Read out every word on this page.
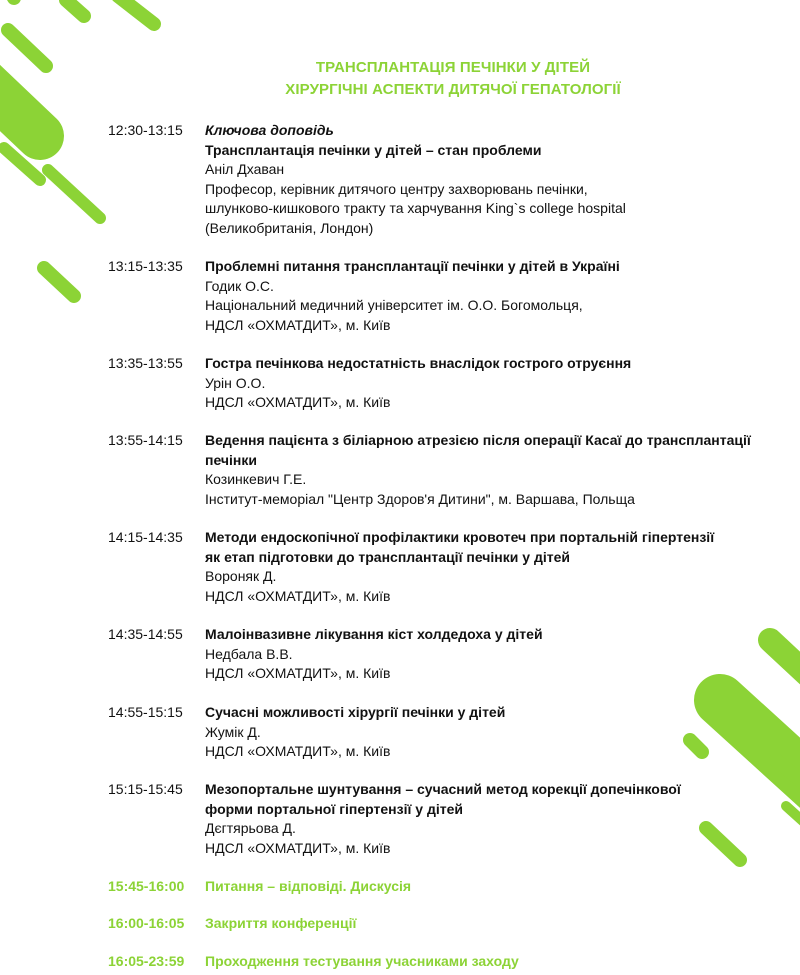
ТРАНСПЛАНТАЦІЯ ПЕЧІНКИ У ДІТЕЙ
ХІРУРГІЧНІ АСПЕКТИ ДИТЯЧОЇ ГЕПАТОЛОГІЇ
12:30-13:15	Ключова доповідь
Трансплантація печінки у дітей – стан проблеми
Аніл Дхаван
Професор, керівник дитячого центру захворювань печінки,
шлунково-кишкового тракту та харчування King`s college hospital
(Великобританія, Лондон)
13:15-13:35	Проблемні питання трансплантації печінки у дітей в Україні
Годик О.С.
Національний медичний університет ім. О.О. Богомольця,
НДСЛ «ОХМАТДИТ», м. Київ
13:35-13:55	Гостра печінкова недостатність внаслідок гострого отруєння
Урін О.О.
НДСЛ «ОХМАТДИТ», м. Київ
13:55-14:15	Ведення пацієнта з біліарною атрезією після операції Касаї до трансплантації
печінки
Козинкевич Г.Е.
Інститут-меморіал "Центр Здоров'я Дитини", м. Варшава, Польща
14:15-14:35	Методи ендоскопічної профілактики кровотеч при портальній гіпертензії
як етап підготовки до трансплантації печінки у дітей
Вороняк Д.
НДСЛ «ОХМАТДИТ», м. Київ
14:35-14:55	Малоінвазивне лікування кіст холдедоха у дітей
Недбала В.В.
НДСЛ «ОХМАТДИТ», м. Київ
14:55-15:15	Сучасні можливості хірургії печінки у дітей
Жумік Д.
НДСЛ «ОХМАТДИТ», м. Київ
15:15-15:45	Мезопортальне шунтування – сучасний метод корекції допечінкової
форми портальної гіпертензії у дітей
Дєгтярьова Д.
НДСЛ «ОХМАТДИТ», м. Київ
15:45-16:00	Питання – відповіді. Дискусія
16:00-16:05	Закриття конференції
16:05-23:59	Проходження тестування учасниками заходу
